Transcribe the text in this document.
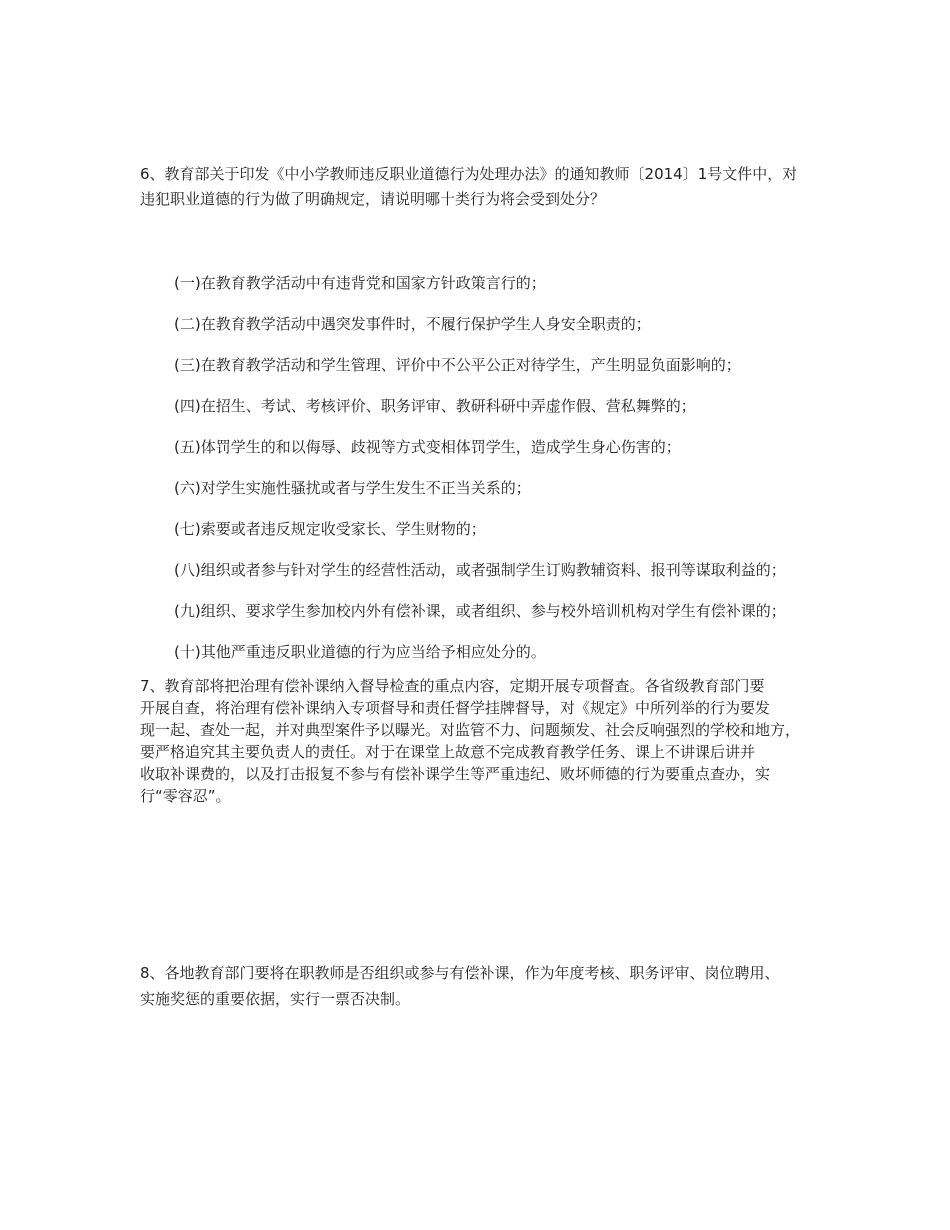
6、教育部关于印发《中小学教师违反职业道德行为处理办法》的通知教师〔2014〕1号文件中，对

违犯职业道德的行为做了明确规定，请说明哪十类行为将会受到处分？

(一)在教育教学活动中有违背党和国家方针政策言行的；

(二)在教育教学活动中遇突发事件时，不履行保护学生人身安全职责的；

(三)在教育教学活动和学生管理、评价中不公平公正对待学生，产生明显负面影响的；

(四)在招生、考试、考核评价、职务评审、教研科研中弄虚作假、营私舞弊的；

(五)体罚学生的和以侮辱、歧视等方式变相体罚学生，造成学生身心伤害的；

(六)对学生实施性骚扰或者与学生发生不正当关系的；

(七)索要或者违反规定收受家长、学生财物的；

(八)组织或者参与针对学生的经营性活动，或者强制学生订购教辅资料、报刊等谋取利益的；

(九)组织、要求学生参加校内外有偿补课，或者组织、参与校外培训机构对学生有偿补课的；

(十)其他严重违反职业道德的行为应当给予相应处分的。

7、教育部将把治理有偿补课纳入督导检查的重点内容，定期开展专项督查。各省级教育部门要

开展自查，将治理有偿补课纳入专项督导和责任督学挂牌督导，对《规定》中所列举的行为要发

现一起、查处一起，并对典型案件予以曝光。对监管不力、问题频发、社会反响强烈的学校和地方，

要严格追究其主要负责人的责任。对于在课堂上故意不完成教育教学任务、课上不讲课后讲并

收取补课费的，以及打击报复不参与有偿补课学生等严重违纪、败坏师德的行为要重点查办，实

行“零容忍”。

8、各地教育部门要将在职教师是否组织或参与有偿补课，作为年度考核、职务评审、岗位聘用、

实施奖惩的重要依据，实行一票否决制。
